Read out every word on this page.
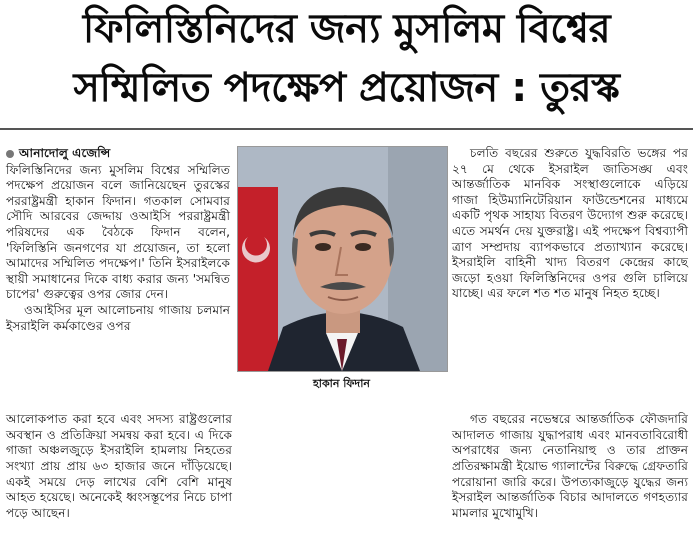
ফিলিস্তিনিদের জন্য মুসলিম বিশ্বের
সম্মিলিত পদক্ষেপ প্রয়োজন : তুরস্ক
আনাদোলু এজেন্সি

ফিলিস্তিনিদের জন্য মুসলিম বিশ্বের সম্মিলিত পদক্ষেপ প্রয়োজন বলে জানিয়েছেন তুরস্কের পররাষ্ট্রমন্ত্রী হাকান ফিদান। গতকাল সোমবার সৌদি আরবের জেদ্দায় ওআইসি পররাষ্ট্রমন্ত্রী পরিষদের এক বৈঠকে ফিদান বলেন, 'ফিলিস্তিনি জনগণের যা প্রয়োজন, তা হলো আমাদের সম্মিলিত পদক্ষেপ।' তিনি ইসরাইলকে স্থায়ী সমাধানের দিকে বাধ্য করার জন্য 'সমন্বিত চাপের' গুরুত্বের ওপর জোর দেন।

ওআইসির মূল আলোচনায় গাজায় চলমান ইসরাইলি কর্মকাণ্ডের ওপর

হাকান ফিদান

চলতি বছরের শুরুতে যুদ্ধবিরতি ভঙ্গের পর ২৭ মে থেকে ইসরাইল জাতিসঙ্ঘ এবং আন্তর্জাতিক মানবিক সংস্থাগুলোকে এড়িয়ে গাজা হিউম্যানিটেরিয়ান ফাউন্ডেশনের মাধ্যমে একটি পৃথক সাহায্য বিতরণ উদ্যোগ শুরু করেছে। এতে সমর্থন দেয় যুক্তরাষ্ট্র। এই পদক্ষেপ বিশ্বব্যাপী ত্রাণ সম্প্রদায় ব্যাপকভাবে প্রত্যাখ্যান করেছে। ইসরাইলি বাহিনী খাদ্য বিতরণ কেন্দ্রের কাছে জড়ো হওয়া ফিলিস্তিনিদের ওপর গুলি চালিয়ে যাচ্ছে। এর ফলে শত শত মানুষ নিহত হচ্ছে।

আলোকপাত করা হবে এবং সদস্য রাষ্ট্রগুলোর অবস্থান ও প্রতিক্রিয়া সমন্বয় করা হবে। এ দিকে গাজা অঞ্চলজুড়ে ইসরাইলি হামলায় নিহতের সংখ্যা প্রায় প্রায় ৬৩ হাজার জনে দাঁড়িয়েছে। একই সময়ে দেড় লাখের বেশি বেশি মানুষ আহত হয়েছে। অনেকেই ধ্বংসস্তূপের নিচে চাপা পড়ে আছেন।

গত বছরের নভেম্বরে আন্তর্জাতিক ফৌজদারি আদালত গাজায় যুদ্ধাপরাধ এবং মানবতাবিরোধী অপরাধের জন্য নেতানিয়াহু ও তার প্রাক্তন প্রতিরক্ষামন্ত্রী ইয়োভ গ্যালান্টের বিরুদ্ধে গ্রেফতারি পরোয়ানা জারি করে। উপত্যকাজুড়ে যুদ্ধের জন্য ইসরাইল আন্তর্জাতিক বিচার আদালতে গণহত্যার মামলার মুখোমুখি।
